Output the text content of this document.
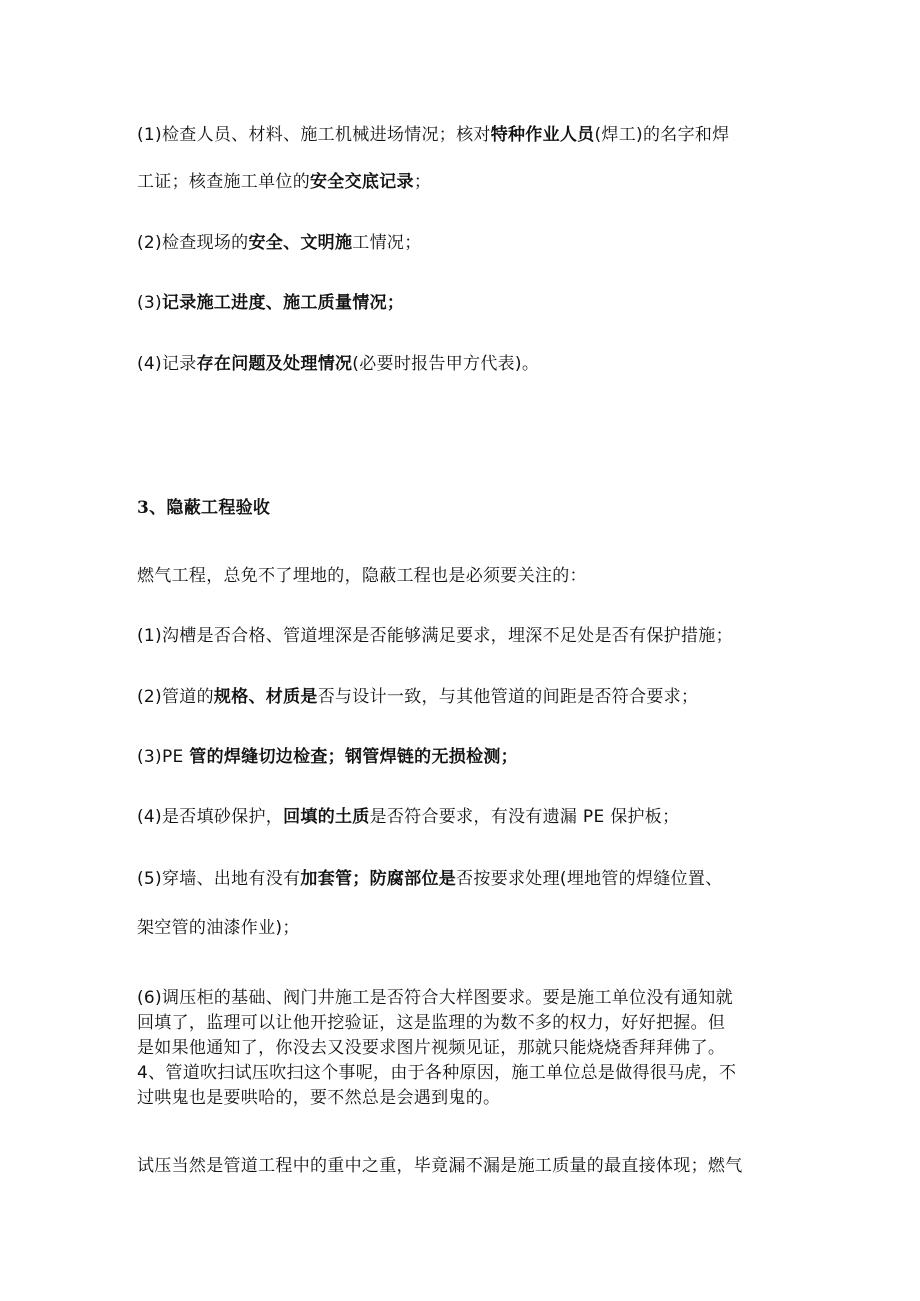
(1)检查人员、材料、施工机械进场情况；核对特种作业人员(焊工)的名字和焊
工证；核查施工单位的安全交底记录；
(2)检查现场的安全、文明施工情况；
(3)记录施工进度、施工质量情况；
(4)记录存在问题及处理情况(必要时报告甲方代表)。
3、隐蔽工程验收
燃气工程，总免不了埋地的，隐蔽工程也是必须要关注的：
(1)沟槽是否合格、管道埋深是否能够满足要求，埋深不足处是否有保护措施；
(2)管道的规格、材质是否与设计一致，与其他管道的间距是否符合要求；
(3)PE 管的焊缝切边检查；钢管焊链的无损检测；
(4)是否填砂保护，回填的土质是否符合要求，有没有遗漏 PE 保护板；
(5)穿墙、出地有没有加套管；防腐部位是否按要求处理(埋地管的焊缝位置、
架空管的油漆作业)；
(6)调压柜的基础、阀门井施工是否符合大样图要求。要是施工单位没有通知就
回填了，监理可以让他开挖验证，这是监理的为数不多的权力，好好把握。但
是如果他通知了，你没去又没要求图片视频见证，那就只能烧烧香拜拜佛了。
4、管道吹扫试压吹扫这个事呢，由于各种原因，施工单位总是做得很马虎，不
过哄鬼也是要哄哈的，要不然总是会遇到鬼的。
试压当然是管道工程中的重中之重，毕竟漏不漏是施工质量的最直接体现；燃气
